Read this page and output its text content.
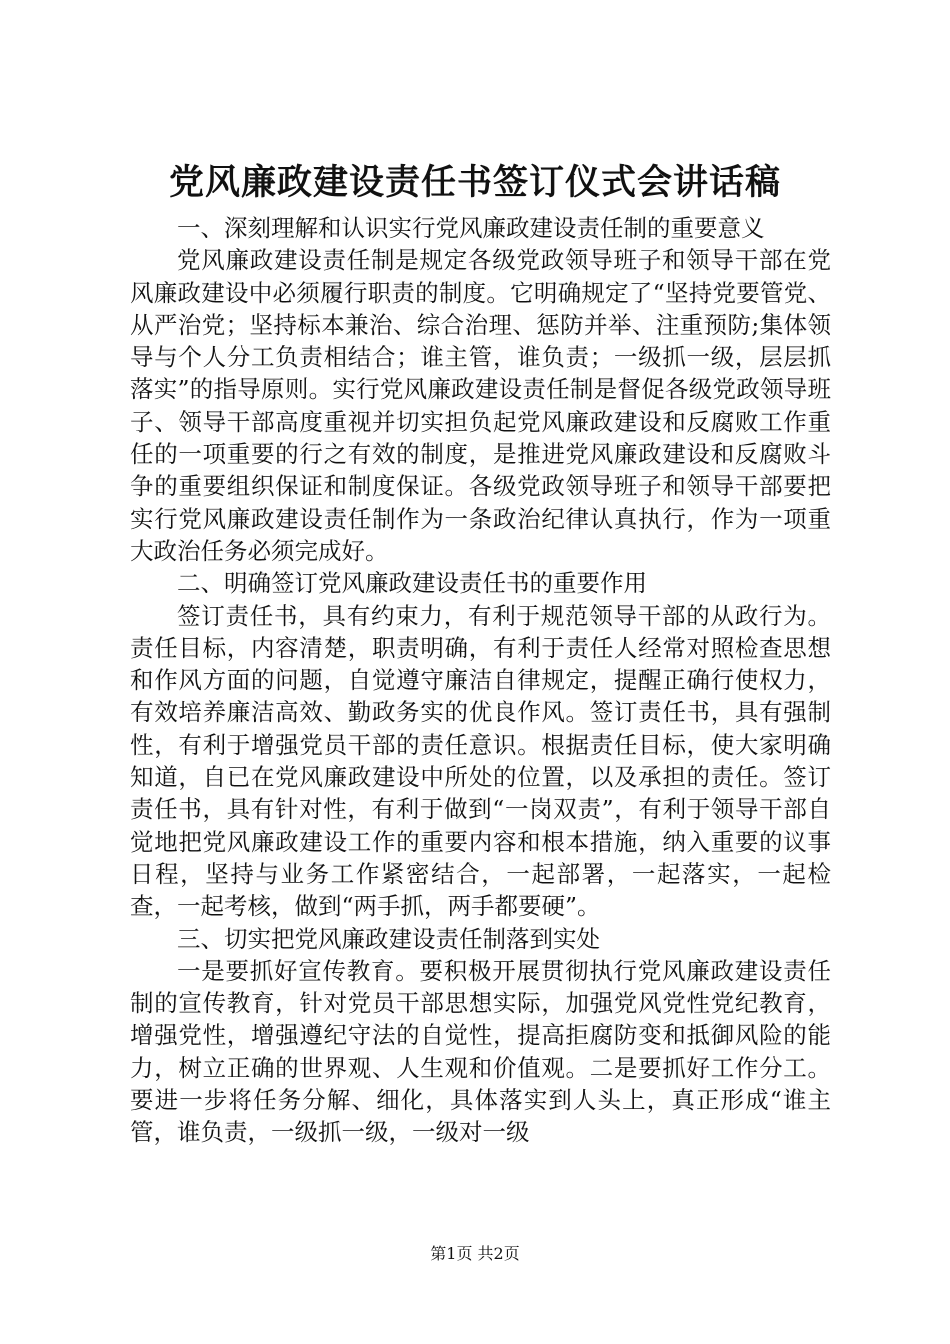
党风廉政建设责任书签订仪式会讲话稿

一、深刻理解和认识实行党风廉政建设责任制的重要意义

党风廉政建设责任制是规定各级党政领导班子和领导干部在党风廉政建设中必须履行职责的制度。它明确规定了“坚持党要管党、从严治党；坚持标本兼治、综合治理、惩防并举、注重预防;集体领导与个人分工负责相结合；谁主管，谁负责；一级抓一级，层层抓落实”的指导原则。实行党风廉政建设责任制是督促各级党政领导班子、领导干部高度重视并切实担负起党风廉政建设和反腐败工作重任的一项重要的行之有效的制度，是推进党风廉政建设和反腐败斗争的重要组织保证和制度保证。各级党政领导班子和领导干部要把实行党风廉政建设责任制作为一条政治纪律认真执行，作为一项重大政治任务必须完成好。

二、明确签订党风廉政建设责任书的重要作用

签订责任书，具有约束力，有利于规范领导干部的从政行为。责任目标，内容清楚，职责明确，有利于责任人经常对照检查思想和作风方面的问题，自觉遵守廉洁自律规定，提醒正确行使权力，有效培养廉洁高效、勤政务实的优良作风。签订责任书，具有强制性，有利于增强党员干部的责任意识。根据责任目标，使大家明确知道，自已在党风廉政建设中所处的位置，以及承担的责任。签订责任书，具有针对性，有利于做到“一岗双责”，有利于领导干部自觉地把党风廉政建设工作的重要内容和根本措施，纳入重要的议事日程，坚持与业务工作紧密结合，一起部署，一起落实，一起检查，一起考核，做到“两手抓，两手都要硬”。

三、切实把党风廉政建设责任制落到实处

一是要抓好宣传教育。要积极开展贯彻执行党风廉政建设责任制的宣传教育，针对党员干部思想实际，加强党风党性党纪教育，增强党性，增强遵纪守法的自觉性，提高拒腐防变和抵御风险的能力，树立正确的世界观、人生观和价值观。二是要抓好工作分工。要进一步将任务分解、细化，具体落实到人头上，真正形成“谁主管，谁负责，一级抓一级，一级对一级

第1页 共2页
